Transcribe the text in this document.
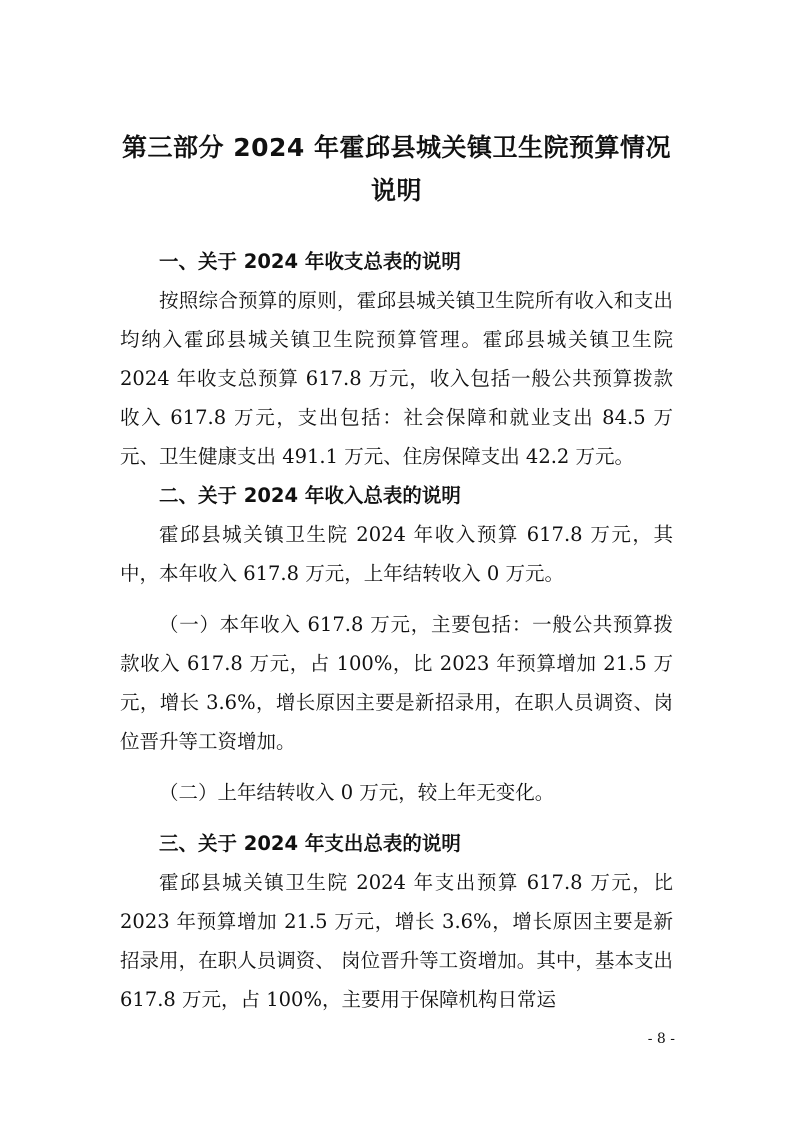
第三部分 2024 年霍邱县城关镇卫生院预算情况说明
一、关于 2024 年收支总表的说明

按照综合预算的原则，霍邱县城关镇卫生院所有收入和支出均纳入霍邱县城关镇卫生院预算管理。霍邱县城关镇卫生院 2024 年收支总预算 617.8 万元，收入包括一般公共预算拨款收入 617.8 万元，支出包括：社会保障和就业支出 84.5 万元、卫生健康支出 491.1 万元、住房保障支出 42.2 万元。

二、关于 2024 年收入总表的说明

霍邱县城关镇卫生院 2024 年收入预算 617.8 万元，其中，本年收入 617.8 万元，上年结转收入 0 万元。

（一）本年收入 617.8 万元，主要包括：一般公共预算拨款收入 617.8 万元，占 100%，比 2023 年预算增加 21.5 万元，增长 3.6%，增长原因主要是新招录用，在职人员调资、岗位晋升等工资增加。

（二）上年结转收入 0 万元，较上年无变化。

三、关于 2024 年支出总表的说明

霍邱县城关镇卫生院 2024 年支出预算 617.8 万元，比 2023 年预算增加 21.5 万元，增长 3.6%，增长原因主要是新招录用，在职人员调资、 岗位晋升等工资增加。其中，基本支出 617.8 万元，占 100%，主要用于保障机构日常运

- 8 -
